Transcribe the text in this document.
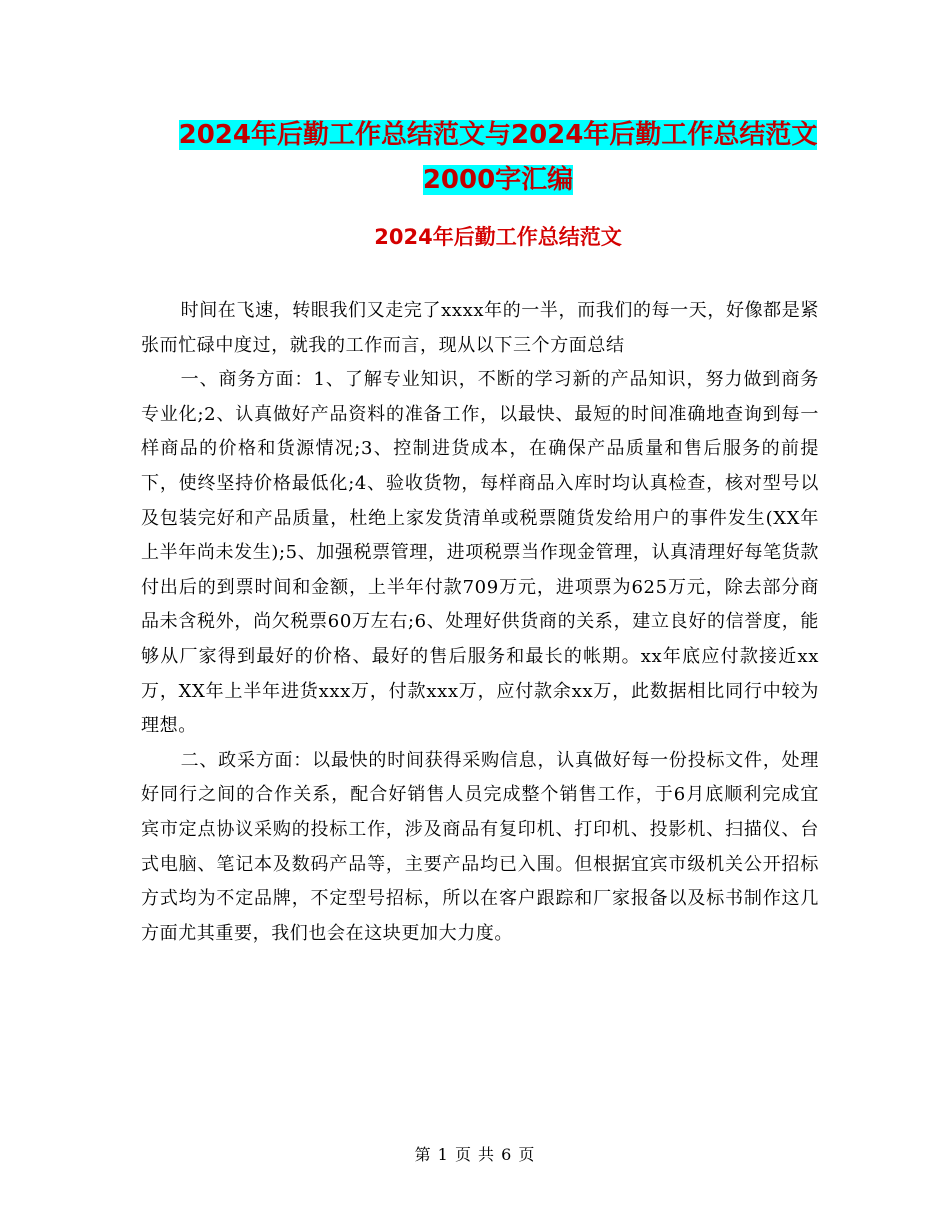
2024年后勤工作总结范文与2024年后勤工作总结范文
2000字汇编
2024年后勤工作总结范文

时间在飞速，转眼我们又走完了xxxx年的一半，而我们的每一天，好像都是紧张而忙碌中度过，就我的工作而言，现从以下三个方面总结

一、商务方面：1、了解专业知识，不断的学习新的产品知识，努力做到商务专业化;2、认真做好产品资料的准备工作，以最快、最短的时间准确地查询到每一样商品的价格和货源情况;3、控制进货成本，在确保产品质量和售后服务的前提下，使终坚持价格最低化;4、验收货物，每样商品入库时均认真检查，核对型号以及包装完好和产品质量，杜绝上家发货清单或税票随货发给用户的事件发生(XX年上半年尚未发生);5、加强税票管理，进项税票当作现金管理，认真清理好每笔货款付出后的到票时间和金额，上半年付款709万元，进项票为625万元，除去部分商品未含税外，尚欠税票60万左右;6、处理好供货商的关系，建立良好的信誉度，能够从厂家得到最好的价格、最好的售后服务和最长的帐期。xx年底应付款接近xx万，XX年上半年进货xxx万，付款xxx万，应付款余xx万，此数据相比同行中较为理想。

二、政采方面：以最快的时间获得采购信息，认真做好每一份投标文件，处理好同行之间的合作关系，配合好销售人员完成整个销售工作，于6月底顺利完成宜宾市定点协议采购的投标工作，涉及商品有复印机、打印机、投影机、扫描仪、台式电脑、笔记本及数码产品等，主要产品均已入围。但根据宜宾市级机关公开招标方式均为不定品牌，不定型号招标，所以在客户跟踪和厂家报备以及标书制作这几方面尤其重要，我们也会在这块更加大力度。

第 1 页 共 6 页
